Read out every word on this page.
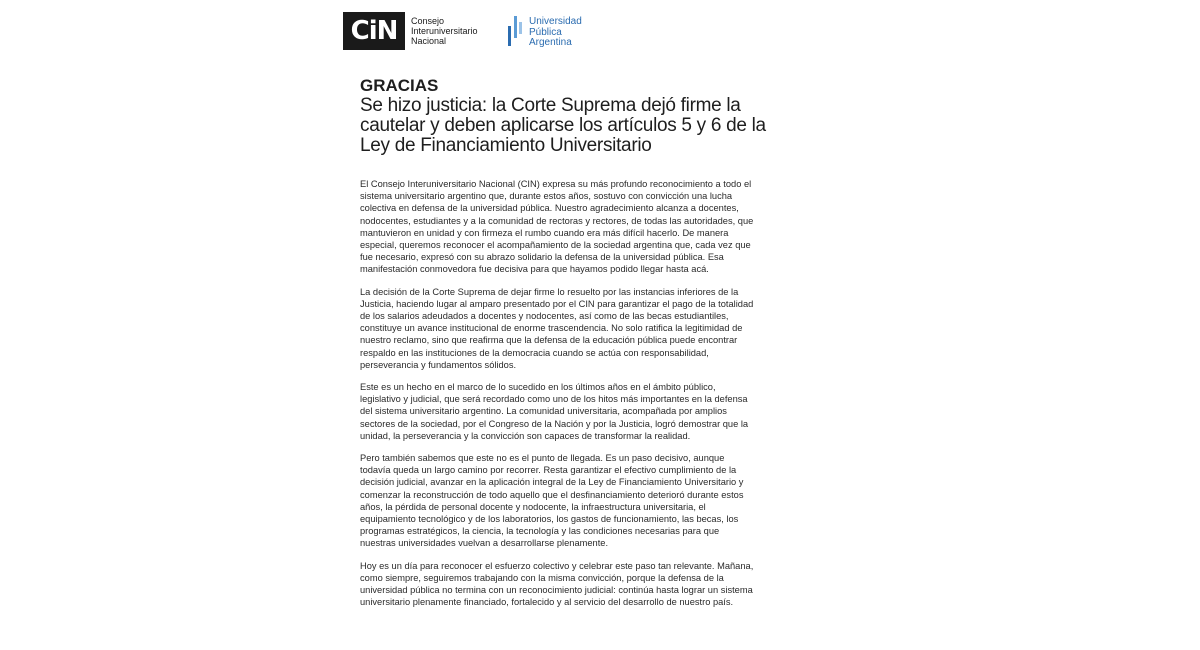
CiN	Consejo
Interuniversitario
Nacional
Universidad
Pública
Argentina
GRACIAS
Se hizo justicia: la Corte Suprema dejó firme la
cautelar y deben aplicarse los artículos 5 y 6 de la
Ley de Financiamiento Universitario

El Consejo Interuniversitario Nacional (CIN) expresa su más profundo reconocimiento a todo el sistema universitario argentino que, durante estos años, sostuvo con convicción una lucha colectiva en defensa de la universidad pública. Nuestro agradecimiento alcanza a docentes, nodocentes, estudiantes y a la comunidad de rectoras y rectores, de todas las autoridades, que mantuvieron en unidad y con firmeza el rumbo cuando era más difícil hacerlo. De manera especial, queremos reconocer el acompañamiento de la sociedad argentina que, cada vez que fue necesario, expresó con su abrazo solidario la defensa de la universidad pública. Esa manifestación conmovedora fue decisiva para que hayamos podido llegar hasta acá.

La decisión de la Corte Suprema de dejar firme lo resuelto por las instancias inferiores de la Justicia, haciendo lugar al amparo presentado por el CIN para garantizar el pago de la totalidad de los salarios adeudados a docentes y nodocentes, así como de las becas estudiantiles, constituye un avance institucional de enorme trascendencia. No solo ratifica la legitimidad de nuestro reclamo, sino que reafirma que la defensa de la educación pública puede encontrar respaldo en las instituciones de la democracia cuando se actúa con responsabilidad, perseverancia y fundamentos sólidos.

Este es un hecho en el marco de lo sucedido en los últimos años en el ámbito público, legislativo y judicial, que será recordado como uno de los hitos más importantes en la defensa del sistema universitario argentino. La comunidad universitaria, acompañada por amplios sectores de la sociedad, por el Congreso de la Nación y por la Justicia, logró demostrar que la unidad, la perseverancia y la convicción son capaces de transformar la realidad.

Pero también sabemos que este no es el punto de llegada. Es un paso decisivo, aunque todavía queda un largo camino por recorrer. Resta garantizar el efectivo cumplimiento de la decisión judicial, avanzar en la aplicación integral de la Ley de Financiamiento Universitario y comenzar la reconstrucción de todo aquello que el desfinanciamiento deterioró durante estos años, la pérdida de personal docente y nodocente, la infraestructura universitaria, el equipamiento tecnológico y de los laboratorios, los gastos de funcionamiento, las becas, los programas estratégicos, la ciencia, la tecnología y las condiciones necesarias para que nuestras universidades vuelvan a desarrollarse plenamente.

Hoy es un día para reconocer el esfuerzo colectivo y celebrar este paso tan relevante. Mañana, como siempre, seguiremos trabajando con la misma convicción, porque la defensa de la universidad pública no termina con un reconocimiento judicial: continúa hasta lograr un sistema universitario plenamente financiado, fortalecido y al servicio del desarrollo de nuestro país.
